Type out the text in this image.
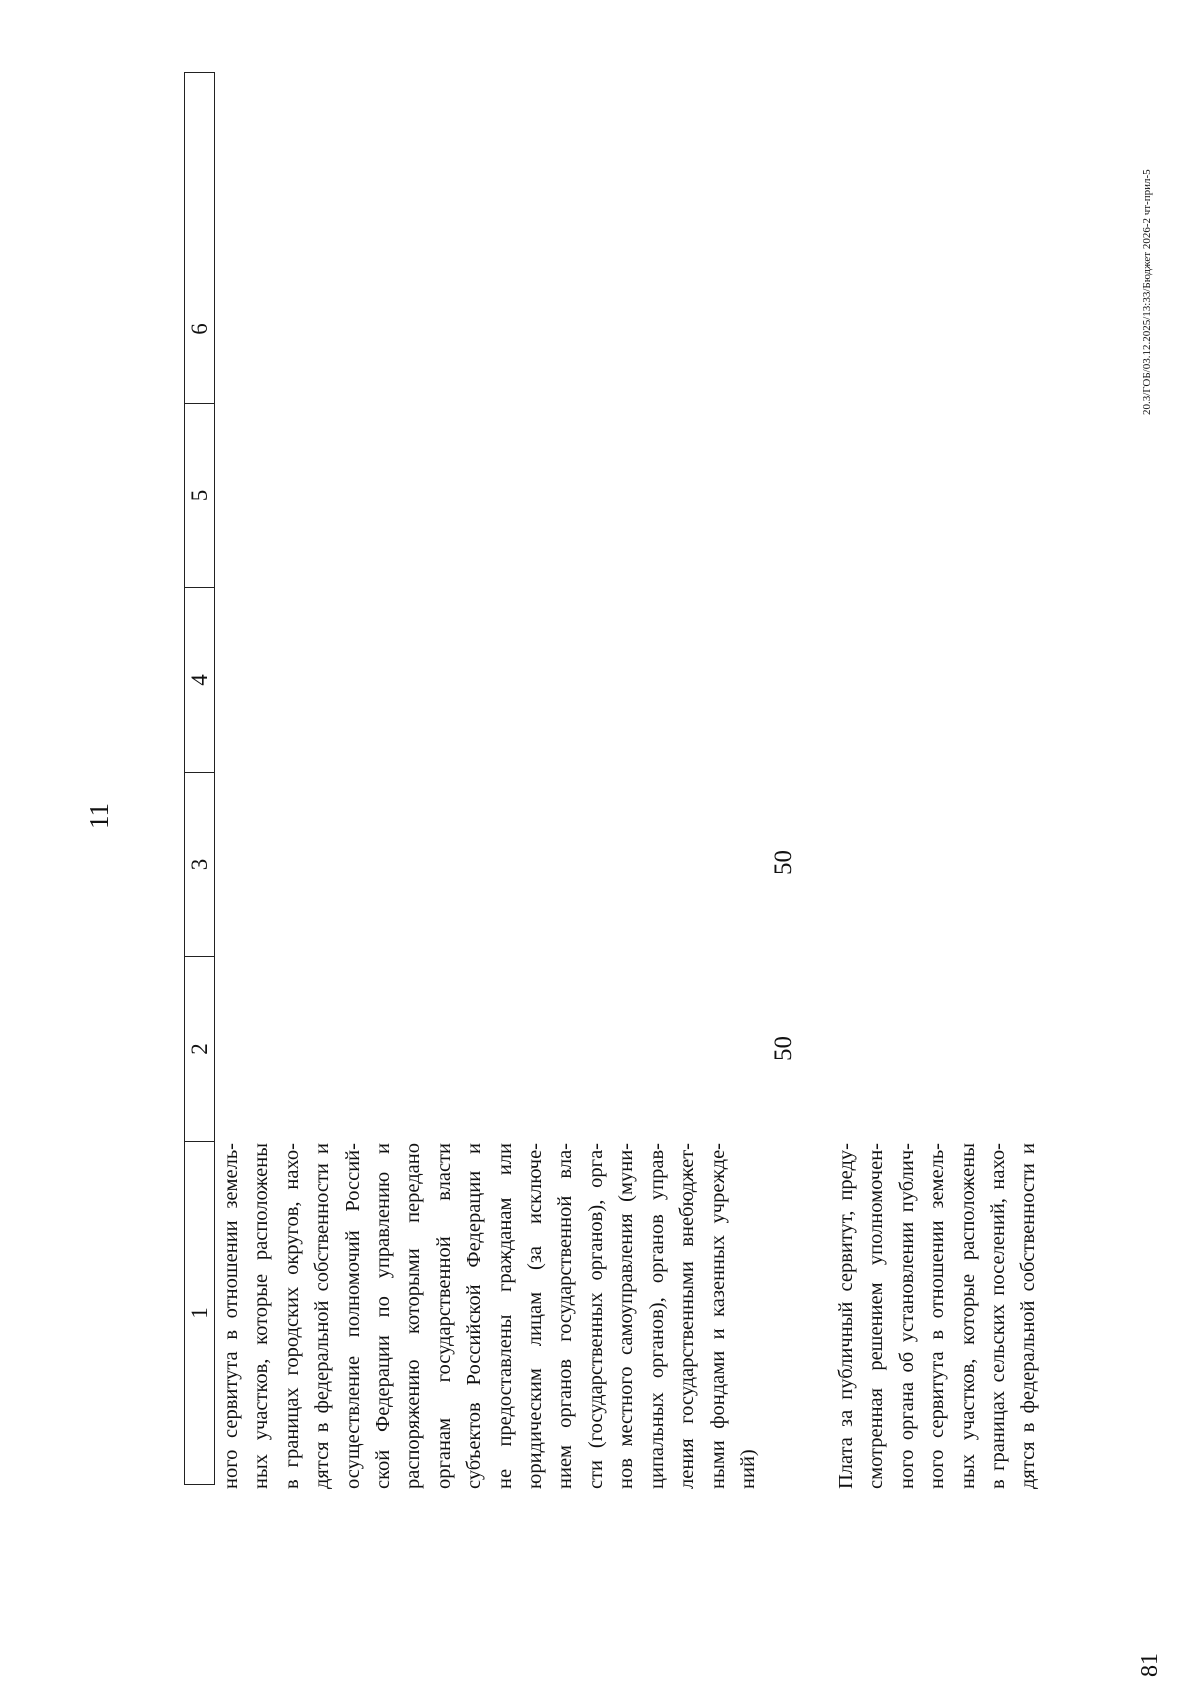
11
1
2
3
4
5
6
ного сервитута в отношении земель- ных участков, которые расположены в границах городских округов, нахо- дятся в федеральной собственности и осуществление полномочий Россий- ской Федерации по управлению и распоряжению которыми передано органам государственной власти субъектов Российской Федерации и не предоставлены гражданам или юридическим лицам (за исключе- нием органов государственной вла- сти (государственных органов), орга- нов местного самоуправления (муни- ципальных органов), органов управ- ления государственными внебюджет- ными фондами и казенных учрежде- ний)
50
50
Плата за публичный сервитут, преду- смотренная решением уполномочен- ного органа об установлении публич- ного сервитута в отношении земель- ных участков, которые расположены в границах сельских поселений, нахо- дятся в федеральной собственности и
81
20.3/ГОБ/03.12.2025/13:33/Бюджет 2026-2 чт-прил-5
